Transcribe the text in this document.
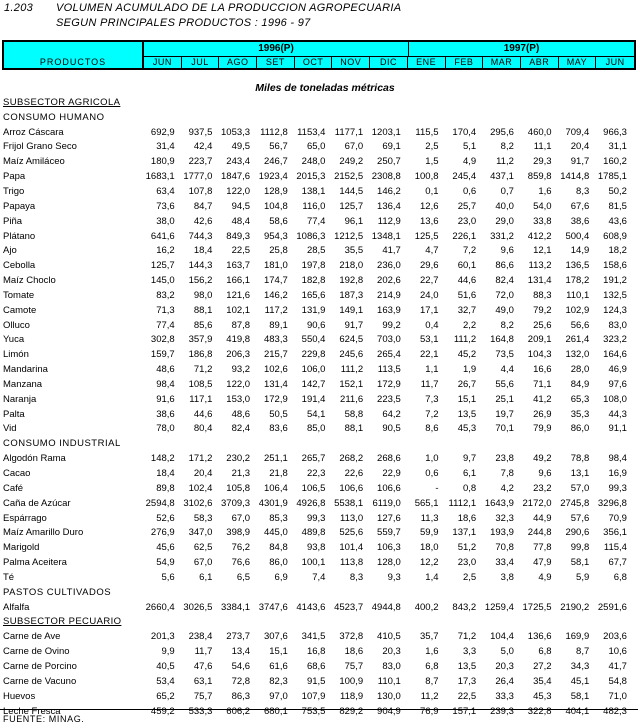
1.203 VOLUMEN ACUMULADO DE LA PRODUCCION AGROPECUARIA
SEGUN PRINCIPALES PRODUCTOS : 1996 - 97
PRODUCTOS
1996(P)	1997(P)
JUN	JUL	AGO	SET	OCT	NOV	DIC	ENE	FEB	MAR	ABR	MAY	JUN
Miles de toneladas métricas
SUBSECTOR AGRICOLA
CONSUMO HUMANO
Arroz Cáscara	692,9	937,5 1053,3	1112,8 1153,4 1177,1 1203,1	115,5	170,4	295,6	460,0	709,4	966,3
Frijol Grano Seco	31,4	42,4	49,5	56,7	65,0	67,0	69,1	2,5	5,1	8,2	11,1	20,4	31,1
Maíz Amiláceo	180,9	223,7	243,4	246,7	248,0	249,2	250,7	1,5	4,9	11,2	29,3	91,7	160,2
Papa	1683,1 1777,0 1847,6 1923,4 2015,3 2152,5 2308,8	100,8	245,4	437,1	859,8 1414,8 1785,1
Trigo	63,4	107,8	122,0	128,9	138,1	144,5	146,2	0,1	0,6	0,7	1,6	8,3	50,2
Papaya	73,6	84,7	94,5	104,8	116,0	125,7	136,4	12,6	25,7	40,0	54,0	67,6	81,5
Piña	38,0	42,6	48,4	58,6	77,4	96,1	112,9	13,6	23,0	29,0	33,8	38,6	43,6
Plátano	641,6	744,3	849,3	954,3 1086,3 1212,5 1348,1	125,5	226,1	331,2	412,2	500,4	608,9
Ajo	16,2	18,4	22,5	25,8	28,5	35,5	41,7	4,7	7,2	9,6	12,1	14,9	18,2
Cebolla	125,7	144,3	163,7	181,0	197,8	218,0	236,0	29,6	60,1	86,6	113,2	136,5	158,6
Maíz Choclo	145,0	156,2	166,1	174,7	182,8	192,8	202,6	22,7	44,6	82,4	131,4	178,2	191,2
Tomate	83,2	98,0	121,6	146,2	165,6	187,3	214,9	24,0	51,6	72,0	88,3	110,1	132,5
Camote	71,3	88,1	102,1	117,2	131,9	149,1	163,9	17,1	32,7	49,0	79,2	102,9	124,3
Olluco	77,4	85,6	87,8	89,1	90,6	91,7	99,2	0,4	2,2	8,2	25,6	56,6	83,0
Yuca	302,8	357,9	419,8	483,3	550,4	624,5	703,0	53,1	111,2	164,8	209,1	261,4	323,2
Limón	159,7	186,8	206,3	215,7	229,8	245,6	265,4	22,1	45,2	73,5	104,3	132,0	164,6
Mandarina	48,6	71,2	93,2	102,6	106,0	111,2	113,5	1,1	1,9	4,4	16,6	28,0	46,9
Manzana	98,4	108,5	122,0	131,4	142,7	152,1	172,9	11,7	26,7	55,6	71,1	84,9	97,6
Naranja	91,6	117,1	153,0	172,9	191,4	211,6	223,5	7,3	15,1	25,1	41,2	65,3	108,0
Palta	38,6	44,6	48,6	50,5	54,1	58,8	64,2	7,2	13,5	19,7	26,9	35,3	44,3
Vid	78,0	80,4	82,4	83,6	85,0	88,1	90,5	8,6	45,3	70,1	79,9	86,0	91,1
CONSUMO INDUSTRIAL
Algodón Rama	148,2	171,2	230,2	251,1	265,7	268,2	268,6	1,0	9,7	23,8	49,2	78,8	98,4
Cacao	18,4	20,4	21,3	21,8	22,3	22,6	22,9	0,6	6,1	7,8	9,6	13,1	16,9
Café	89,8	102,4	105,8	106,4	106,5	106,6	106,6	-	0,8	4,2	23,2	57,0	99,3
Caña de Azúcar	2594,8 3102,6 3709,3 4301,9 4926,8 5538,1 6119,0	565,1	1112,1 1643,9 2172,0 2745,8 3296,8
Espárrago	52,6	58,3	67,0	85,3	99,3	113,0	127,6	11,3	18,6	32,3	44,9	57,6	70,9
Maíz Amarillo Duro	276,9	347,0	398,9	445,0	489,8	525,6	559,7	59,9	137,1	193,9	244,8	290,6	356,1
Marigold	45,6	62,5	76,2	84,8	93,8	101,4	106,3	18,0	51,2	70,8	77,8	99,8	115,4
Palma Aceitera	54,9	67,0	76,6	86,0	100,1	113,8	128,0	12,2	23,0	33,4	47,9	58,1	67,7
Té	5,6	6,1	6,5	6,9	7,4	8,3	9,3	1,4	2,5	3,8	4,9	5,9	6,8
PASTOS CULTIVADOS
Alfalfa	2660,4 3026,5 3384,1 3747,6 4143,6 4523,7 4944,8	400,2	843,2 1259,4 1725,5 2190,2 2591,6
SUBSECTOR PECUARIO
Carne de Ave	201,3	238,4	273,7	307,6	341,5	372,8	410,5	35,7	71,2	104,4	136,6	169,9	203,6
Carne de Ovino	9,9	11,7	13,4	15,1	16,8	18,6	20,3	1,6	3,3	5,0	6,8	8,7	10,6
Carne de Porcino	40,5	47,6	54,6	61,6	68,6	75,7	83,0	6,8	13,5	20,3	27,2	34,3	41,7
Carne de Vacuno	53,4	63,1	72,8	82,3	91,5	100,9	110,1	8,7	17,3	26,4	35,4	45,1	54,8
Huevos	65,2	75,7	86,3	97,0	107,9	118,9	130,0	11,2	22,5	33,3	45,3	58,1	71,0
Leche Fresca	459,2	533,3	606,2	680,1	753,5	829,2	904,9	76,9	157,1	239,3	322,8	404,1	482,3
FUENTE: MINAG.
